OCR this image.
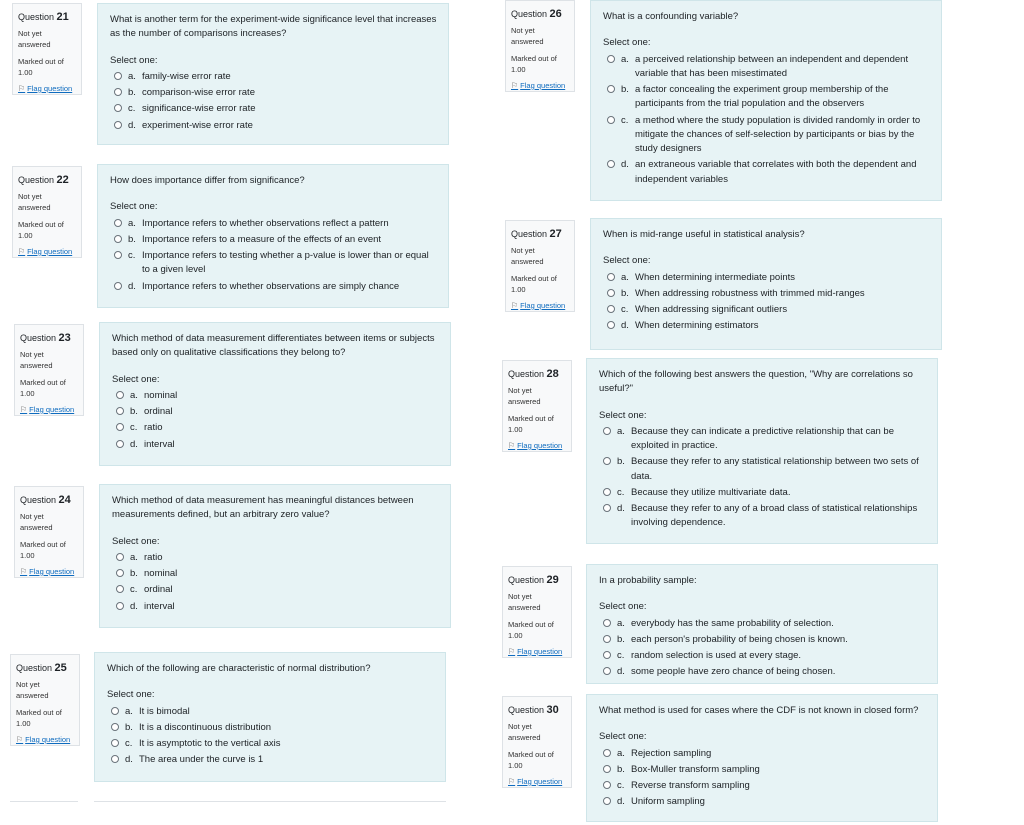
Question 21
Not yet answered
Marked out of
1.00
⚐ Flag question
What is another term for the experiment-wide significance level that increases as the number of comparisons increases?
Select one:
a. family-wise error rate
b. comparison-wise error rate
c. significance-wise error rate
d. experiment-wise error rate
Question 22
Not yet answered
Marked out of
1.00
⚐ Flag question
How does importance differ from significance?
Select one:
a. Importance refers to whether observations reflect a pattern
b. Importance refers to a measure of the effects of an event
c. Importance refers to testing whether a p-value is lower than or equal to a given level
d. Importance refers to whether observations are simply chance
Question 23
Not yet answered
Marked out of
1.00
⚐ Flag question
Which method of data measurement differentiates between items or subjects based only on qualitative classifications they belong to?
Select one:
a. nominal
b. ordinal
c. ratio
d. interval
Question 24
Not yet answered
Marked out of
1.00
⚐ Flag question
Which method of data measurement has meaningful distances between measurements defined, but an arbitrary zero value?
Select one:
a. ratio
b. nominal
c. ordinal
d. interval
Question 25
Not yet answered
Marked out of
1.00
⚐ Flag question
Which of the following are characteristic of normal distribution?
Select one:
a. It is bimodal
b. It is a discontinuous distribution
c. It is asymptotic to the vertical axis
d. The area under the curve is 1
Question 26
Not yet answered
Marked out of
1.00
⚐ Flag question
What is a confounding variable?
Select one:
a. a perceived relationship between an independent and dependent variable that has been misestimated
b. a factor concealing the experiment group membership of the participants from the trial population and the observers
c. a method where the study population is divided randomly in order to mitigate the chances of self-selection by participants or bias by the study designers
d. an extraneous variable that correlates with both the dependent and independent variables
Question 27
Not yet answered
Marked out of
1.00
⚐ Flag question
When is mid-range useful in statistical analysis?
Select one:
a. When determining intermediate points
b. When addressing robustness with trimmed mid-ranges
c. When addressing significant outliers
d. When determining estimators
Question 28
Not yet answered
Marked out of
1.00
⚐ Flag question
Which of the following best answers the question, "Why are correlations so useful?"
Select one:
a. Because they can indicate a predictive relationship that can be exploited in practice.
b. Because they refer to any statistical relationship between two sets of data.
c. Because they utilize multivariate data.
d. Because they refer to any of a broad class of statistical relationships involving dependence.
Question 29
Not yet answered
Marked out of
1.00
⚐ Flag question
In a probability sample:
Select one:
a. everybody has the same probability of selection.
b. each person's probability of being chosen is known.
c. random selection is used at every stage.
d. some people have zero chance of being chosen.
Question 30
Not yet answered
Marked out of
1.00
⚐ Flag question
What method is used for cases where the CDF is not known in closed form?
Select one:
a. Rejection sampling
b. Box-Muller transform sampling
c. Reverse transform sampling
d. Uniform sampling
